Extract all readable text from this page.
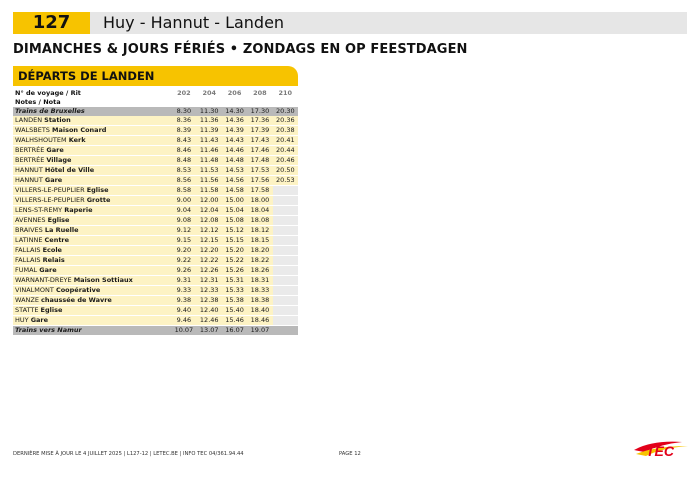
127	Huy - Hannut - Landen
DIMANCHES & JOURS FÉRIÉS • ZONDAGS EN OP FEESTDAGEN
DÉPARTS DE LANDEN
N° de voyage / Rit	202	204	206	208	210
Notes / Nota					
Trains de Bruxelles	8.30	11.30	14.30	17.30	20.30
LANDEN Station	8.36	11.36	14.36	17.36	20.36
WALSBETS Maison Conard	8.39	11.39	14.39	17.39	20.38
WALHSHOUTEM Kerk	8.43	11.43	14.43	17.43	20.41
BERTRÉE Gare	8.46	11.46	14.46	17.46	20.44
BERTRÉE Village	8.48	11.48	14.48	17.48	20.46
HANNUT Hôtel de Ville	8.53	11.53	14.53	17.53	20.50
HANNUT Gare	8.56	11.56	14.56	17.56	20.53
VILLERS-LE-PEUPLIER Eglise	8.58	11.58	14.58	17.58	
VILLERS-LE-PEUPLIER Grotte	9.00	12.00	15.00	18.00	
LENS-ST-REMY Raperie	9.04	12.04	15.04	18.04	
AVENNES Eglise	9.08	12.08	15.08	18.08	
BRAIVES La Ruelle	9.12	12.12	15.12	18.12	
LATINNE Centre	9.15	12.15	15.15	18.15	
FALLAIS Ecole	9.20	12.20	15.20	18.20	
FALLAIS Relais	9.22	12.22	15.22	18.22	
FUMAL Gare	9.26	12.26	15.26	18.26	
WARNANT-DREYE Maison Sottiaux	9.31	12.31	15.31	18.31	
VINALMONT Coopérative	9.33	12.33	15.33	18.33	
WANZE chaussée de Wavre	9.38	12.38	15.38	18.38	
STATTE Eglise	9.40	12.40	15.40	18.40	
HUY Gare	9.46	12.46	15.46	18.46	
Trains vers Namur	10.07	13.07	16.07	19.07	
DERNIÈRE MISE À JOUR LE 4 JUILLET 2025 | L127-12 | LETEC.BE | INFO TEC 04/361.94.44	PAGE 12	TEC
